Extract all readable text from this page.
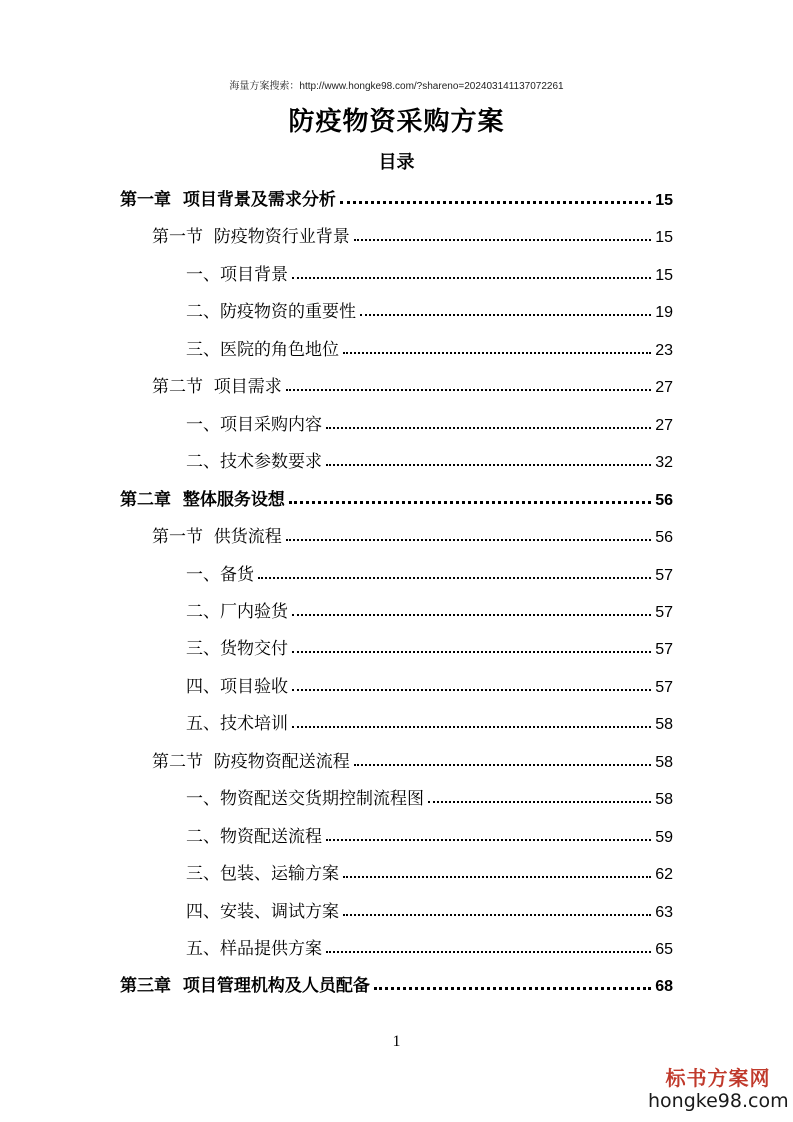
海量方案搜索：http://www.hongke98.com/?shareno=202403141137072261
防疫物资采购方案
目录
第一章  项目背景及需求分析	15
第一节  防疫物资行业背景	15
一、项目背景	15
二、防疫物资的重要性	19
三、医院的角色地位	23
第二节  项目需求	27
一、项目采购内容	27
二、技术参数要求	32
第二章  整体服务设想	56
第一节  供货流程	56
一、备货	57
二、厂内验货	57
三、货物交付	57
四、项目验收	57
五、技术培训	58
第二节  防疫物资配送流程	58
一、物资配送交货期控制流程图	58
二、物资配送流程	59
三、包装、运输方案	62
四、安装、调试方案	63
五、样品提供方案	65
第三章  项目管理机构及人员配备	68
1
标书方案网
hongke98.com
